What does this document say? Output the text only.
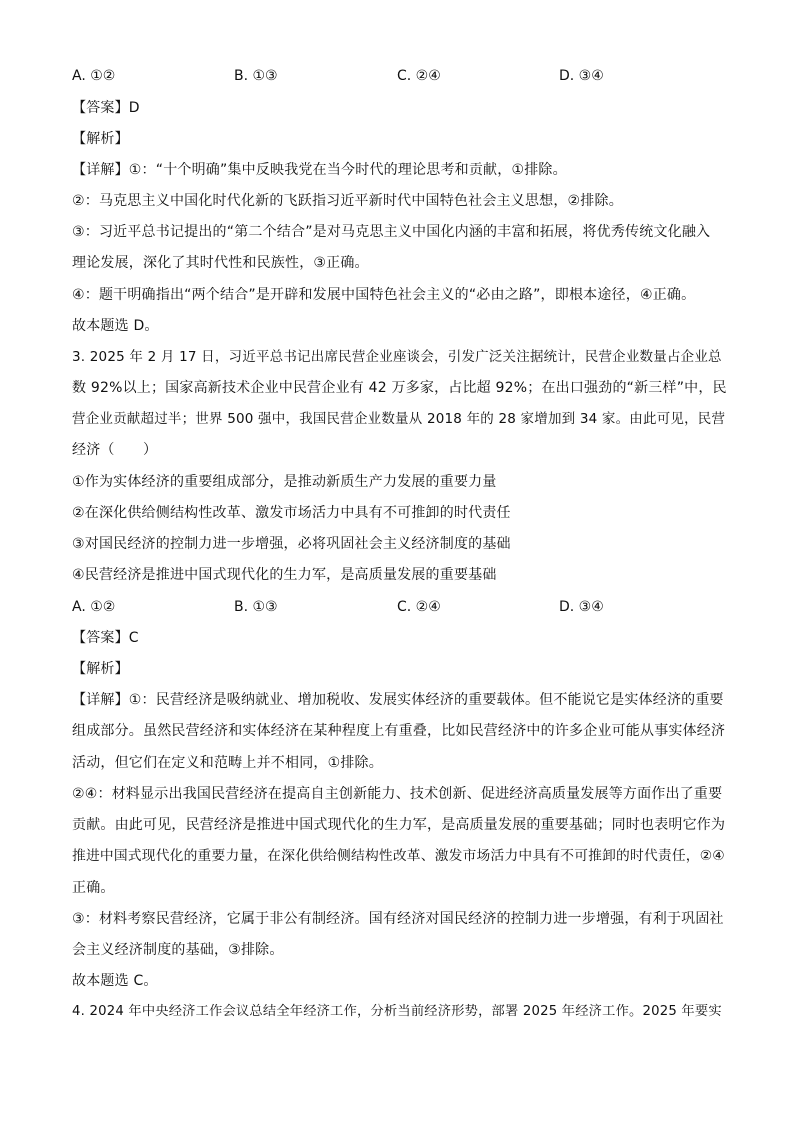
A. ①②	B. ①③	C. ②④	D. ③④
【答案】D
【解析】
【详解】①：“十个明确”集中反映我党在当今时代的理论思考和贡献，①排除。
②：马克思主义中国化时代化新的飞跃指习近平新时代中国特色社会主义思想，②排除。
③：习近平总书记提出的“第二个结合”是对马克思主义中国化内涵的丰富和拓展，将优秀传统文化融入
理论发展，深化了其时代性和民族性，③正确。
④：题干明确指出“两个结合”是开辟和发展中国特色社会主义的“必由之路”，即根本途径，④正确。
故本题选 D。
3. 2025 年 2 月 17 日，习近平总书记出席民营企业座谈会，引发广泛关注据统计，民营企业数量占企业总
数 92%以上；国家高新技术企业中民营企业有 42 万多家，占比超 92%；在出口强劲的“新三样”中，民
营企业贡献超过半；世界 500 强中，我国民营企业数量从 2018 年的 28 家增加到 34 家。由此可见，民营
经济（　　）
①作为实体经济的重要组成部分，是推动新质生产力发展的重要力量
②在深化供给侧结构性改革、激发市场活力中具有不可推卸的时代责任
③对国民经济的控制力进一步增强，必将巩固社会主义经济制度的基础
④民营经济是推进中国式现代化的生力军，是高质量发展的重要基础
A. ①②	B. ①③	C. ②④	D. ③④
【答案】C
【解析】
【详解】①：民营经济是吸纳就业、增加税收、发展实体经济的重要载体。但不能说它是实体经济的重要
组成部分。虽然民营经济和实体经济在某种程度上有重叠，比如民营经济中的许多企业可能从事实体经济
活动，但它们在定义和范畴上并不相同，①排除。
②④：材料显示出我国民营经济在提高自主创新能力、技术创新、促进经济高质量发展等方面作出了重要
贡献。由此可见，民营经济是推进中国式现代化的生力军，是高质量发展的重要基础；同时也表明它作为
推进中国式现代化的重要力量，在深化供给侧结构性改革、激发市场活力中具有不可推卸的时代责任，②④
正确。
③：材料考察民营经济，它属于非公有制经济。国有经济对国民经济的控制力进一步增强，有利于巩固社
会主义经济制度的基础，③排除。
故本题选 C。
4. 2024 年中央经济工作会议总结全年经济工作，分析当前经济形势，部署 2025 年经济工作。2025 年要实
